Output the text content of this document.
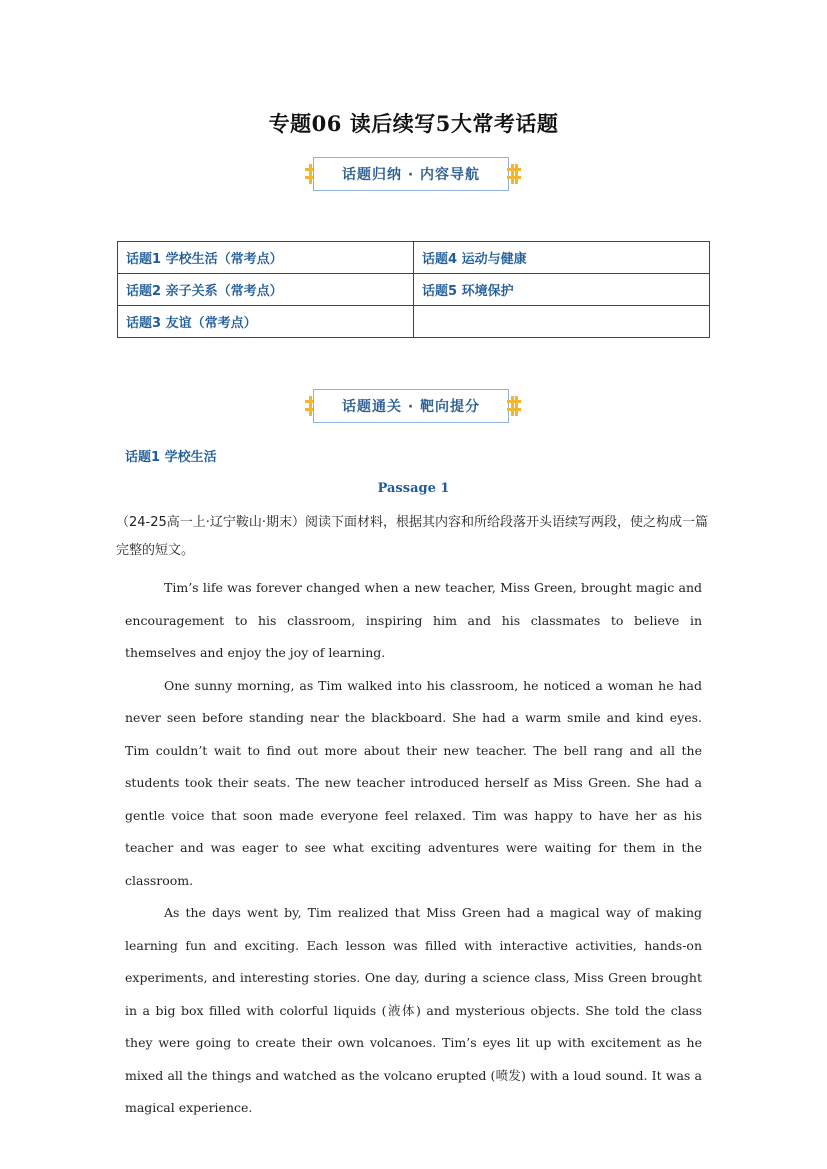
专题06 读后续写5大常考话题
话题归纳 · 内容导航
话题1 学校生活（常考点）	话题4 运动与健康
话题2 亲子关系（常考点）	话题5 环境保护
话题3 友谊（常考点）	
话题通关 · 靶向提分
话题1 学校生活
Passage 1
（24-25高一上·辽宁鞍山·期末）阅读下面材料，根据其内容和所给段落开头语续写两段，使之构成一篇完整的短文。

Tim’s life was forever changed when a new teacher, Miss Green, brought magic and encouragement to his classroom, inspiring him and his classmates to believe in themselves and enjoy the joy of learning.

One sunny morning, as Tim walked into his classroom, he noticed a woman he had never seen before standing near the blackboard. She had a warm smile and kind eyes. Tim couldn’t wait to find out more about their new teacher. The bell rang and all the students took their seats. The new teacher introduced herself as Miss Green. She had a gentle voice that soon made everyone feel relaxed. Tim was happy to have her as his teacher and was eager to see what exciting adventures were waiting for them in the classroom.

As the days went by, Tim realized that Miss Green had a magical way of making learning fun and exciting. Each lesson was filled with interactive activities, hands-on experiments, and interesting stories. One day, during a science class, Miss Green brought in a big box filled with colorful liquids (液体) and mysterious objects. She told the class they were going to create their own volcanoes. Tim’s eyes lit up with excitement as he mixed all the things and watched as the volcano erupted (喷发) with a loud sound. It was a magical experience.
